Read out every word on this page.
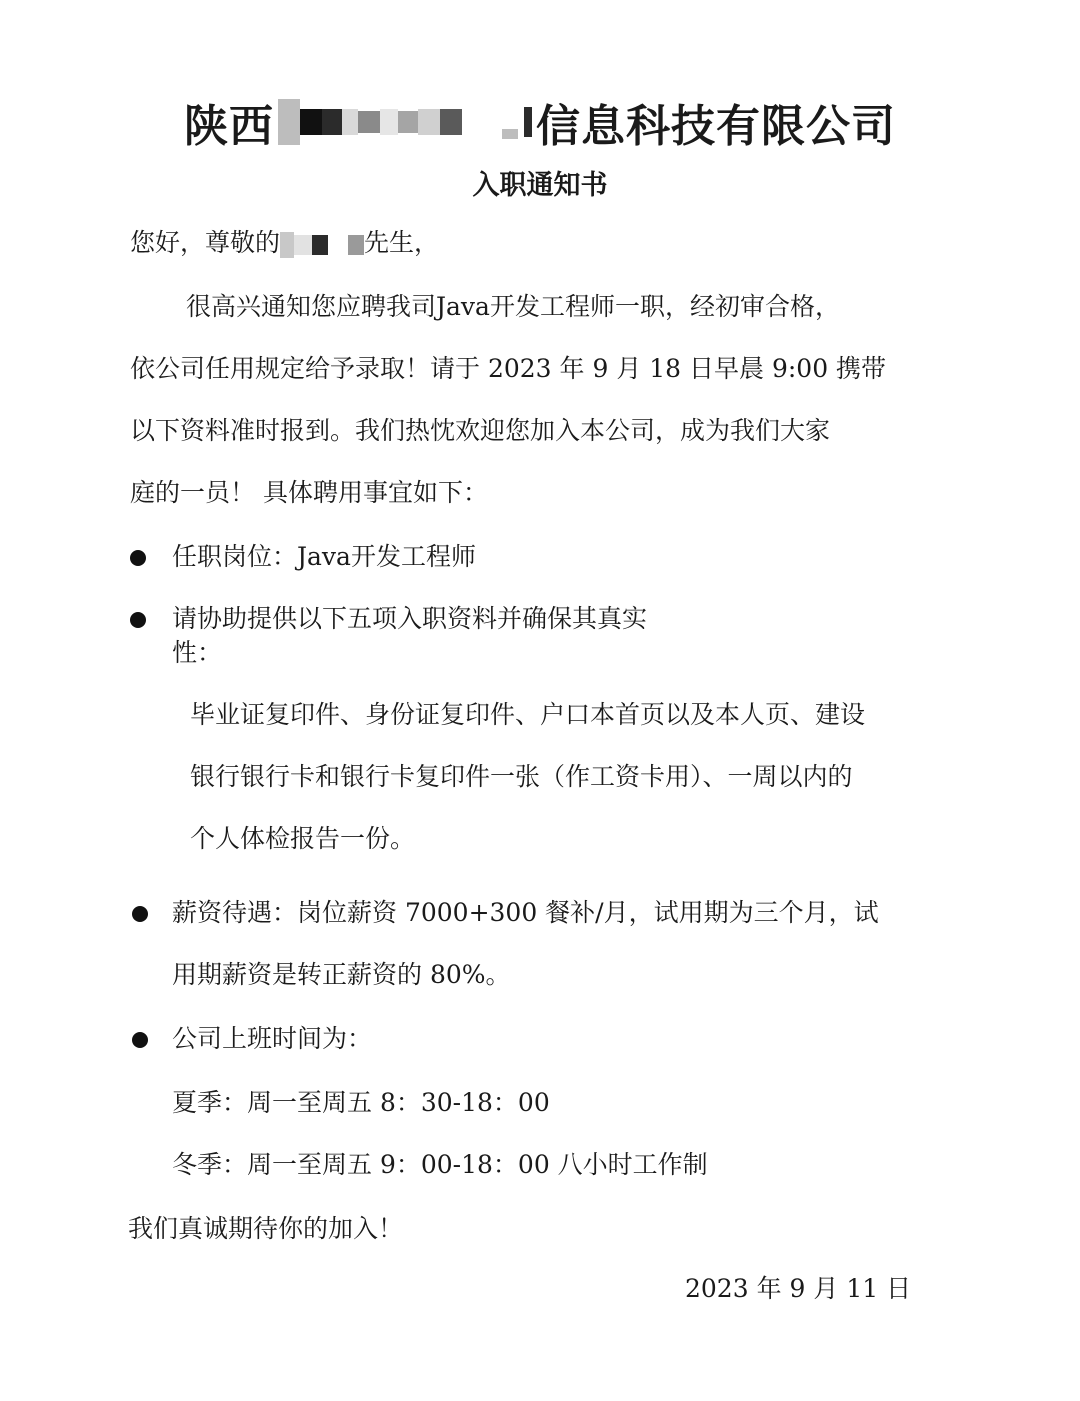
陕西	信息科技有限公司
入职通知书
您好，尊敬的	先生，
很高兴通知您应聘我司Java开发工程师一职，经初审合格，
依公司任用规定给予录取！请于 2023 年 9 月 18 日早晨 9:00 携带
以下资料准时报到。我们热忱欢迎您加入本公司，成为我们大家
庭的一员！ 具体聘用事宜如下：
任职岗位：Java开发工程师
请协助提供以下五项入职资料并确保其真实
性：
毕业证复印件、身份证复印件、户口本首页以及本人页、建设
银行银行卡和银行卡复印件一张（作工资卡用）、一周以内的
个人体检报告一份。
薪资待遇：岗位薪资 7000+300 餐补/月，试用期为三个月，试
用期薪资是转正薪资的 80%。
公司上班时间为：
夏季：周一至周五 8：30-18：00
冬季：周一至周五 9：00-18：00 八小时工作制
我们真诚期待你的加入！
2023 年 9 月 11 日
